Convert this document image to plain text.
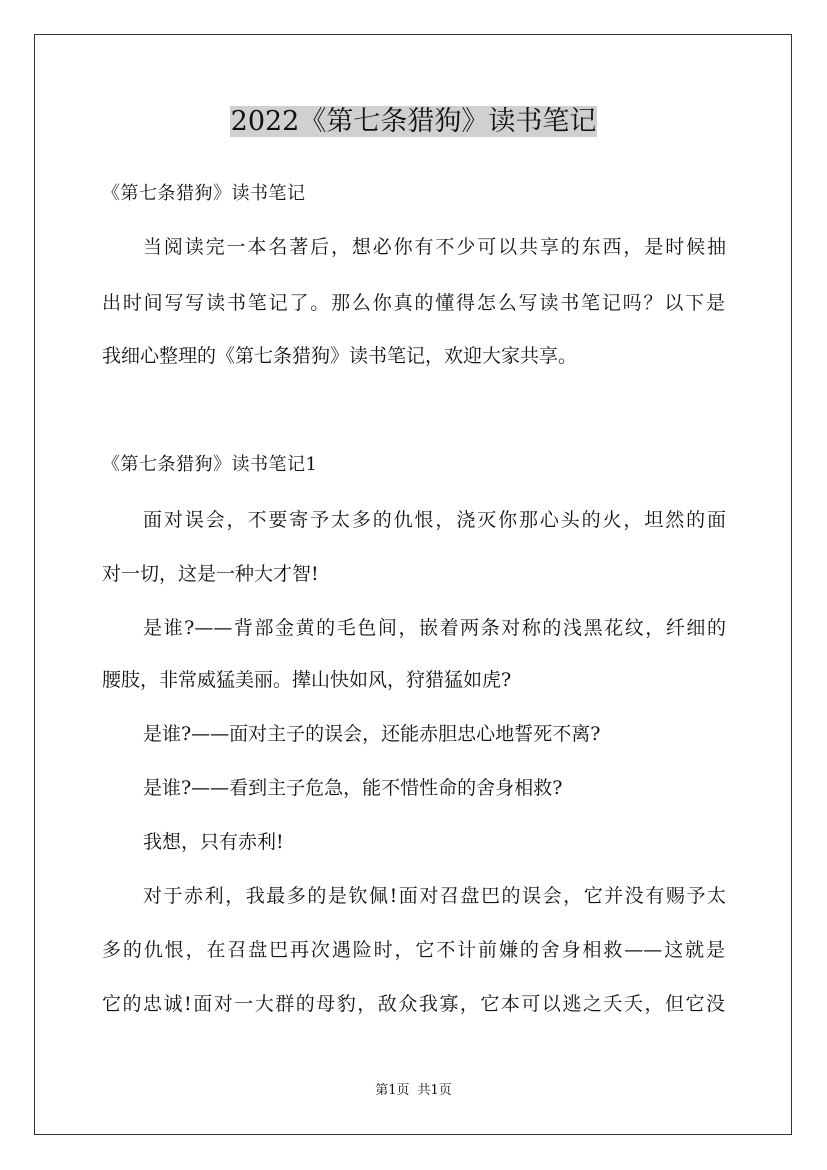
2022《第七条猎狗》读书笔记
《第七条猎狗》读书笔记
当阅读完一本名著后，想必你有不少可以共享的东西，是时候抽
出时间写写读书笔记了。那么你真的懂得怎么写读书笔记吗？以下是
我细心整理的《第七条猎狗》读书笔记，欢迎大家共享。
《第七条猎狗》读书笔记1
面对误会，不要寄予太多的仇恨，浇灭你那心头的火，坦然的面
对一切，这是一种大才智!
是谁?——背部金黄的毛色间，嵌着两条对称的浅黑花纹，纤细的
腰肢，非常威猛美丽。撵山快如风，狩猎猛如虎?
是谁?——面对主子的误会，还能赤胆忠心地誓死不离?
是谁?——看到主子危急，能不惜性命的舍身相救?
我想，只有赤利!
对于赤利，我最多的是钦佩!面对召盘巴的误会，它并没有赐予太
多的仇恨，在召盘巴再次遇险时，它不计前嫌的舍身相救——这就是
它的忠诚!面对一大群的母豹，敌众我寡，它本可以逃之夭夭，但它没
第1页 共1页
